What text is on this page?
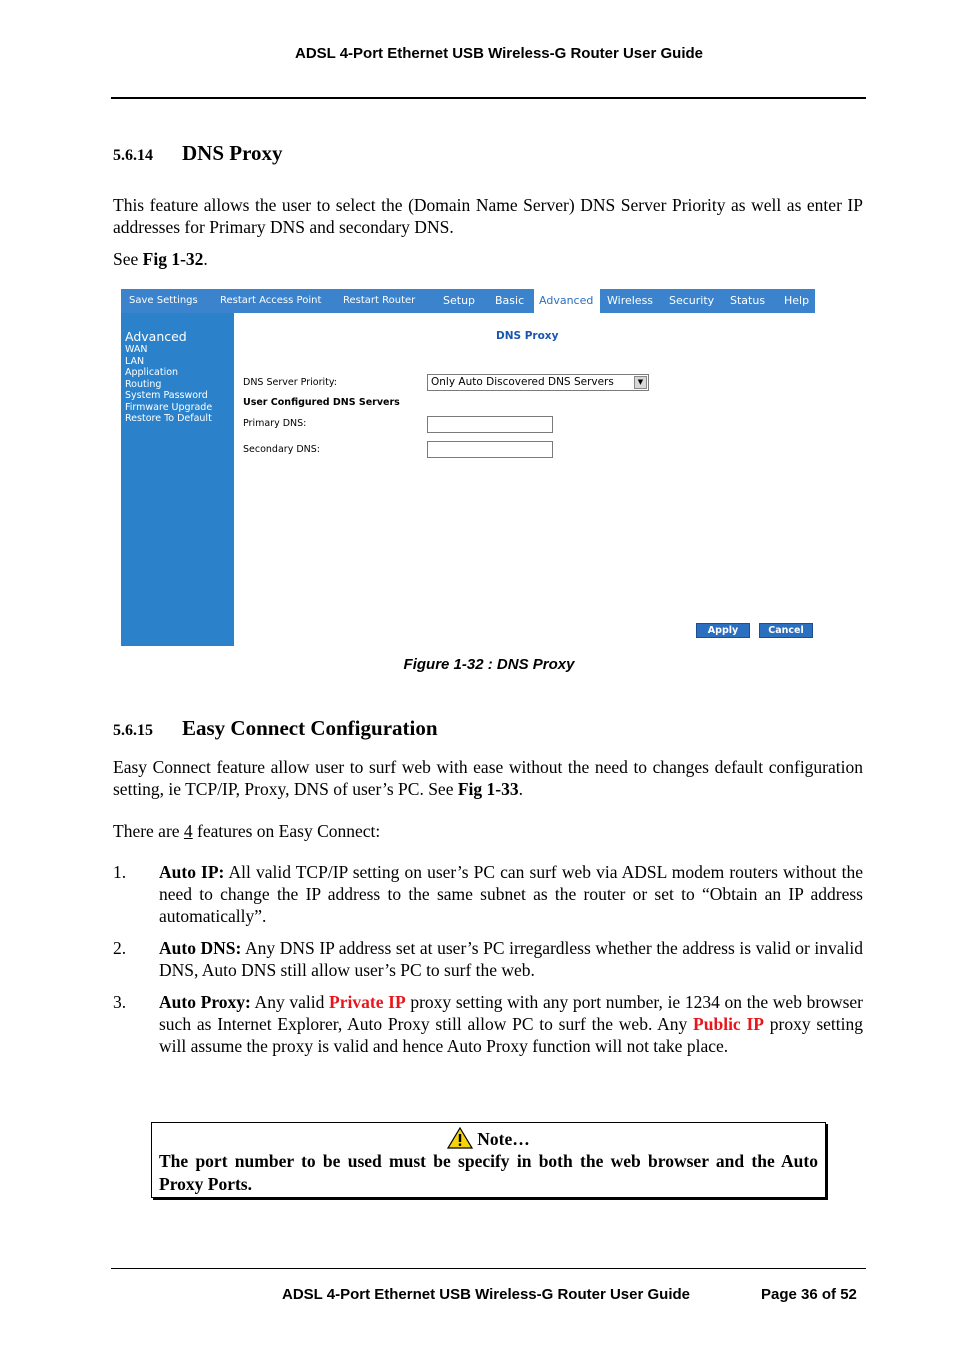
ADSL 4-Port Ethernet USB Wireless-G Router User Guide
5.6.14 DNS Proxy
This feature allows the user to select the (Domain Name Server) DNS Server Priority as well as enter IP addresses for Primary DNS and secondary DNS.
See Fig 1-32.
Save Settings Restart Access Point Restart Router	Setup Basic Advanced Wireless Security Status Help
Advanced
WAN
LAN
Application
Routing
System Password
Firmware Upgrade
Restore To Default
DNS Proxy
DNS Server Priority:	Only Auto Discovered DNS Servers	▼
User Configured DNS Servers
Primary DNS:
Secondary DNS:
Apply	Cancel
Figure 1-32 : DNS Proxy
5.6.15 Easy Connect Configuration
Easy Connect feature allow user to surf web with ease without the need to changes default configuration setting, ie TCP/IP, Proxy, DNS of user’s PC. See Fig 1-33.
There are 4 features on Easy Connect:
1. Auto IP: All valid TCP/IP setting on user’s PC can surf web via ADSL modem routers without the need to change the IP address to the same subnet as the router or set to “Obtain an IP address automatically”.
2. Auto DNS: Any DNS IP address set at user’s PC irregardless whether the address is valid or invalid DNS, Auto DNS still allow user’s PC to surf the web.
3. Auto Proxy: Any valid Private IP proxy setting with any port number, ie 1234 on the web browser such as Internet Explorer, Auto Proxy still allow PC to surf the web. Any Public IP proxy setting will assume the proxy is valid and hence Auto Proxy function will not take place.
Note…
The port number to be used must be specify in both the web browser and the Auto Proxy Ports.
ADSL 4-Port Ethernet USB Wireless-G Router User Guide	Page 36 of 52
